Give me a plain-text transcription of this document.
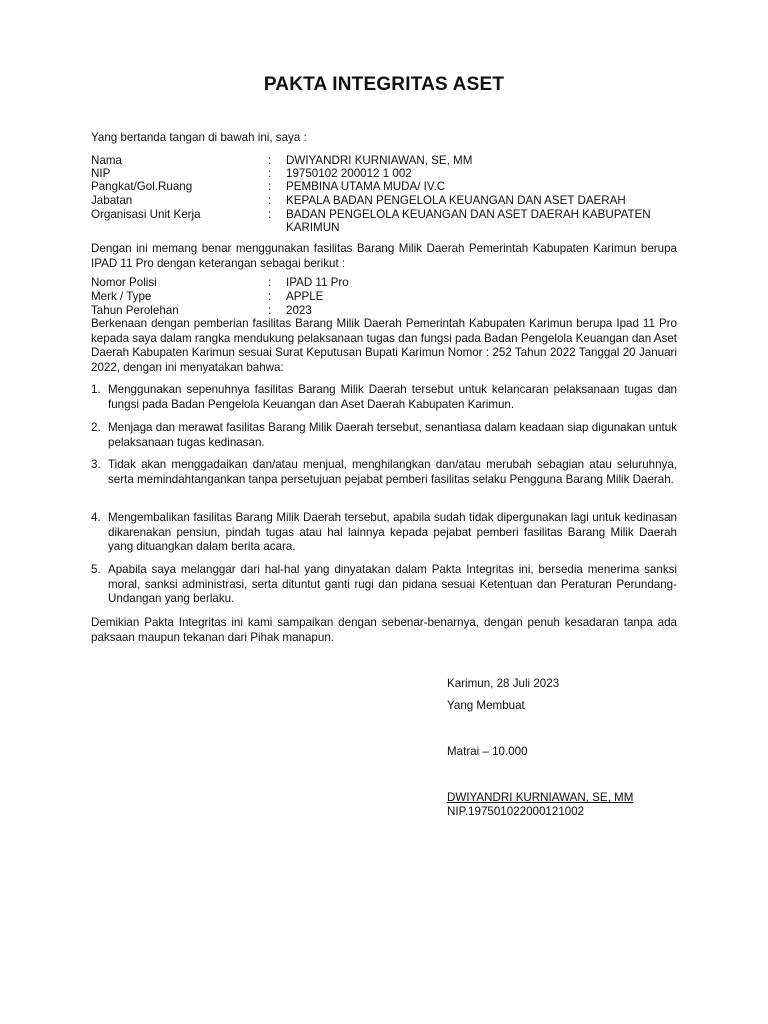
PAKTA INTEGRITAS ASET
Yang bertanda tangan di bawah ini, saya :
Nama	: DWIYANDRI KURNIAWAN, SE, MM
NIP	: 19750102 200012 1 002
Pangkat/Gol.Ruang	: PEMBINA UTAMA MUDA/ IV.C
Jabatan	: KEPALA BADAN PENGELOLA KEUANGAN DAN ASET DAERAH
Organisasi Unit Kerja	: BADAN PENGELOLA KEUANGAN DAN ASET DAERAH KABUPATEN KARIMUN
Dengan ini memang benar menggunakan fasilitas Barang Milik Daerah Pemerintah Kabupaten Karimun berupa IPAD 11 Pro dengan keterangan sebagai berikut :
Nomor Polisi	: IPAD 11 Pro
Merk / Type	: APPLE
Tahun Perolehan	: 2023
Berkenaan dengan pemberian fasilitas Barang Milik Daerah Pemerintah Kabupaten Karimun berupa Ipad 11 Pro kepada saya dalam rangka mendukung pelaksanaan tugas dan fungsi pada Badan Pengelola Keuangan dan Aset Daerah Kabupaten Karimun sesuai Surat Keputusan Bupati Karimun Nomor : 252 Tahun 2022 Tanggal 20 Januari 2022, dengan ini menyatakan bahwa:
1. Menggunakan sepenuhnya fasilitas Barang Milik Daerah tersebut untuk kelancaran pelaksanaan tugas dan fungsi pada Badan Pengelola Keuangan dan Aset Daerah Kabupaten Karimun.
2. Menjaga dan merawat fasilitas Barang Milik Daerah tersebut, senantiasa dalam keadaan siap digunakan untuk pelaksanaan tugas kedinasan.
3. Tidak akan menggadaikan dan/atau menjual, menghilangkan dan/atau merubah sebagian atau seluruhnya, serta memindahtangankan tanpa persetujuan pejabat pemberi fasilitas selaku Pengguna Barang Milik Daerah.
4. Mengembalikan fasilitas Barang Milik Daerah tersebut, apabila sudah tidak dipergunakan lagi untuk kedinasan dikarenakan pensiun, pindah tugas atau hal lainnya kepada pejabat pemberi fasilitas Barang Milik Daerah yang dituangkan dalam berita acara.
5. Apabila saya melanggar dari hal-hal yang dinyatakan dalam Pakta Integritas ini, bersedia menerima sanksi moral, sanksi administrasi, serta dituntut ganti rugi dan pidana sesuai Ketentuan dan Peraturan Perundang-Undangan yang berlaku.
Demikian Pakta Integritas ini kami sampaikan dengan sebenar-benarnya, dengan penuh kesadaran tanpa ada paksaan maupun tekanan dari Pihak manapun.
Karimun, 28 Juli 2023
Yang Membuat
Matrai – 10.000
DWIYANDRI KURNIAWAN, SE, MM
NIP.197501022000121002
